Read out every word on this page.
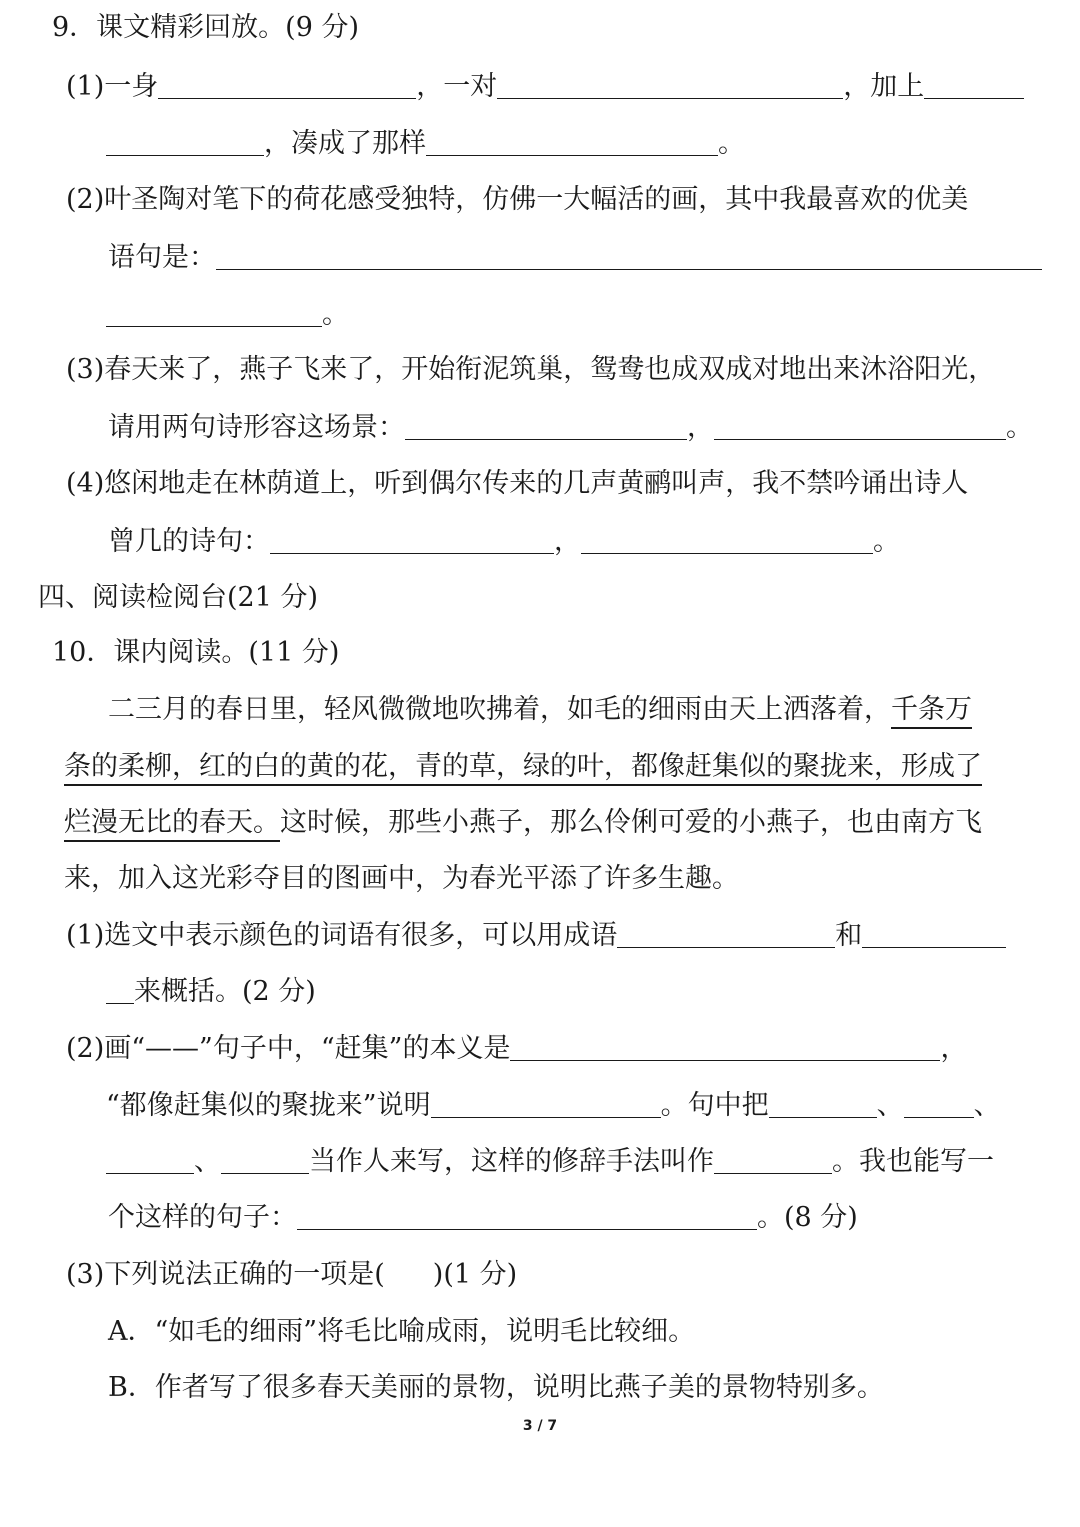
9．课文精彩回放。(9 分)
(1)一身	，一对	，加上
，凑成了那样	。
(2)叶圣陶对笔下的荷花感受独特，仿佛一大幅活的画，其中我最喜欢的优美
语句是：
。
(3)春天来了，燕子飞来了，开始衔泥筑巢，鸳鸯也成双成对地出来沐浴阳光，
请用两句诗形容这场景：	，	。
(4)悠闲地走在林荫道上，听到偶尔传来的几声黄鹂叫声，我不禁吟诵出诗人
曾几的诗句：	，	。
四、阅读检阅台(21 分)
10．课内阅读。(11 分)
二三月的春日里，轻风微微地吹拂着，如毛的细雨由天上洒落着，千条万
条的柔柳，红的白的黄的花，青的草，绿的叶，都像赶集似的聚拢来，形成了
烂漫无比的春天。这时候，那些小燕子，那么伶俐可爱的小燕子，也由南方飞
来，加入这光彩夺目的图画中，为春光平添了许多生趣。
(1)选文中表示颜色的词语有很多，可以用成语	和
来概括。(2 分)
(2)画“——”句子中，“赶集”的本义是	，
“都像赶集似的聚拢来”说明	。句中把	、	、
、	当作人来写，这样的修辞手法叫作	。我也能写一
个这样的句子：	。(8 分)
(3)下列说法正确的一项是( )(1 分)
A．“如毛的细雨”将毛比喻成雨，说明毛比较细。
B．作者写了很多春天美丽的景物，说明比燕子美的景物特别多。
3 / 7
